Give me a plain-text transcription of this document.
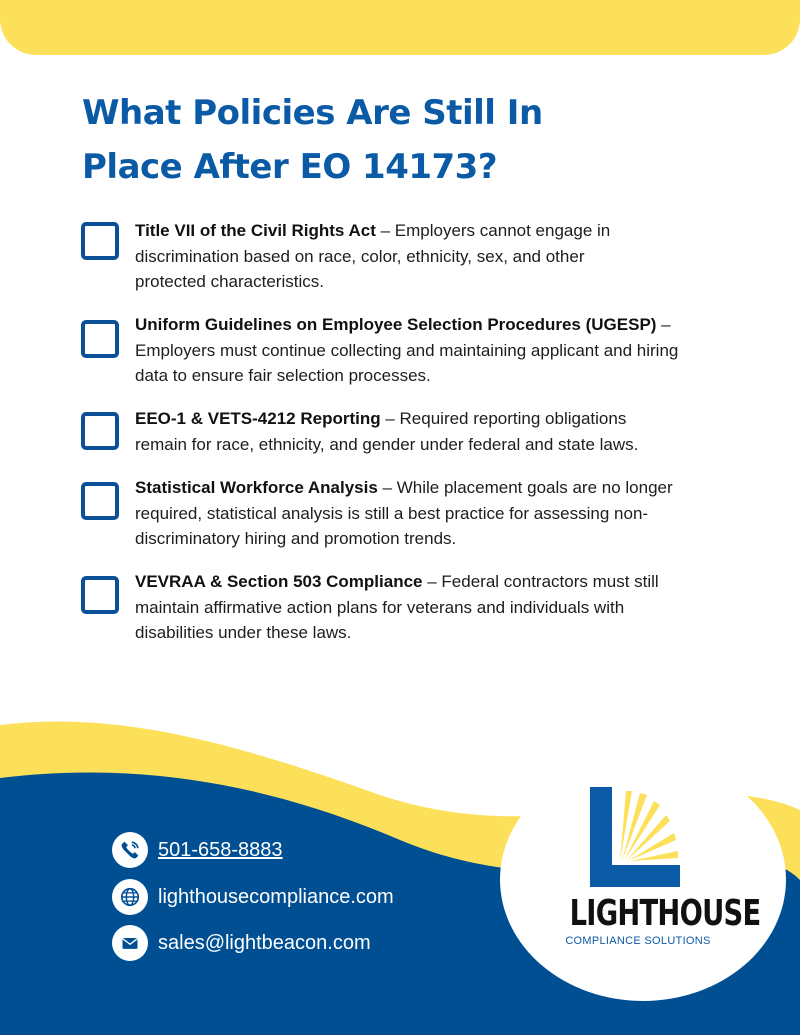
What Policies Are Still In
Place After EO 14173?
Title VII of the Civil Rights Act – Employers cannot engage in
discrimination based on race, color, ethnicity, sex, and other
protected characteristics.
Uniform Guidelines on Employee Selection Procedures (UGESP) –
Employers must continue collecting and maintaining applicant and hiring
data to ensure fair selection processes.
EEO-1 & VETS-4212 Reporting – Required reporting obligations
remain for race, ethnicity, and gender under federal and state laws.
Statistical Workforce Analysis – While placement goals are no longer
required, statistical analysis is still a best practice for assessing non-
discriminatory hiring and promotion trends.
VEVRAA & Section 503 Compliance – Federal contractors must still
maintain affirmative action plans for veterans and individuals with
disabilities under these laws.
501-658-8883
lighthousecompliance.com
sales@lightbeacon.com
LIGHTHOUSE
COMPLIANCE SOLUTIONS
